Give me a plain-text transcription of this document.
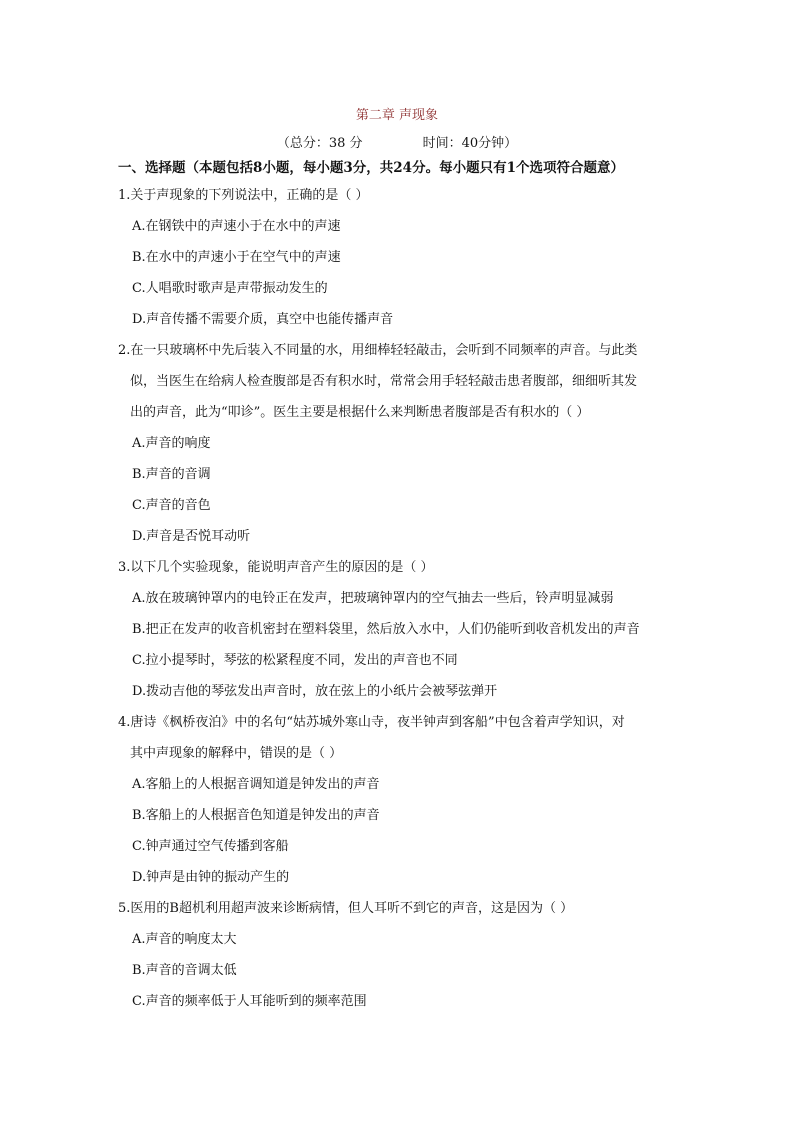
第二章 声现象
（总分：38 分	时间：40分钟）
一、选择题（本题包括8小题，每小题3分，共24分。每小题只有1个选项符合题意）

1.关于声现象的下列说法中，正确的是（ ）

A.在钢铁中的声速小于在水中的声速

B.在水中的声速小于在空气中的声速

C.人唱歌时歌声是声带振动发生的

D.声音传播不需要介质，真空中也能传播声音

2.在一只玻璃杯中先后装入不同量的水，用细棒轻轻敲击，会听到不同频率的声音。与此类

似，当医生在给病人检查腹部是否有积水时，常常会用手轻轻敲击患者腹部，细细听其发

出的声音，此为“叩诊”。医生主要是根据什么来判断患者腹部是否有积水的（ ）

A.声音的响度

B.声音的音调

C.声音的音色

D.声音是否悦耳动听

3.以下几个实验现象，能说明声音产生的原因的是（ ）

A.放在玻璃钟罩内的电铃正在发声，把玻璃钟罩内的空气抽去一些后，铃声明显减弱

B.把正在发声的收音机密封在塑料袋里，然后放入水中，人们仍能听到收音机发出的声音

C.拉小提琴时，琴弦的松紧程度不同，发出的声音也不同

D.拨动吉他的琴弦发出声音时，放在弦上的小纸片会被琴弦弹开

4.唐诗《枫桥夜泊》中的名句“姑苏城外寒山寺，夜半钟声到客船”中包含着声学知识，对

其中声现象的解释中，错误的是（ ）

A.客船上的人根据音调知道是钟发出的声音

B.客船上的人根据音色知道是钟发出的声音

C.钟声通过空气传播到客船

D.钟声是由钟的振动产生的

5.医用的B超机利用超声波来诊断病情，但人耳听不到它的声音，这是因为（ ）

A.声音的响度太大

B.声音的音调太低

C.声音的频率低于人耳能听到的频率范围
